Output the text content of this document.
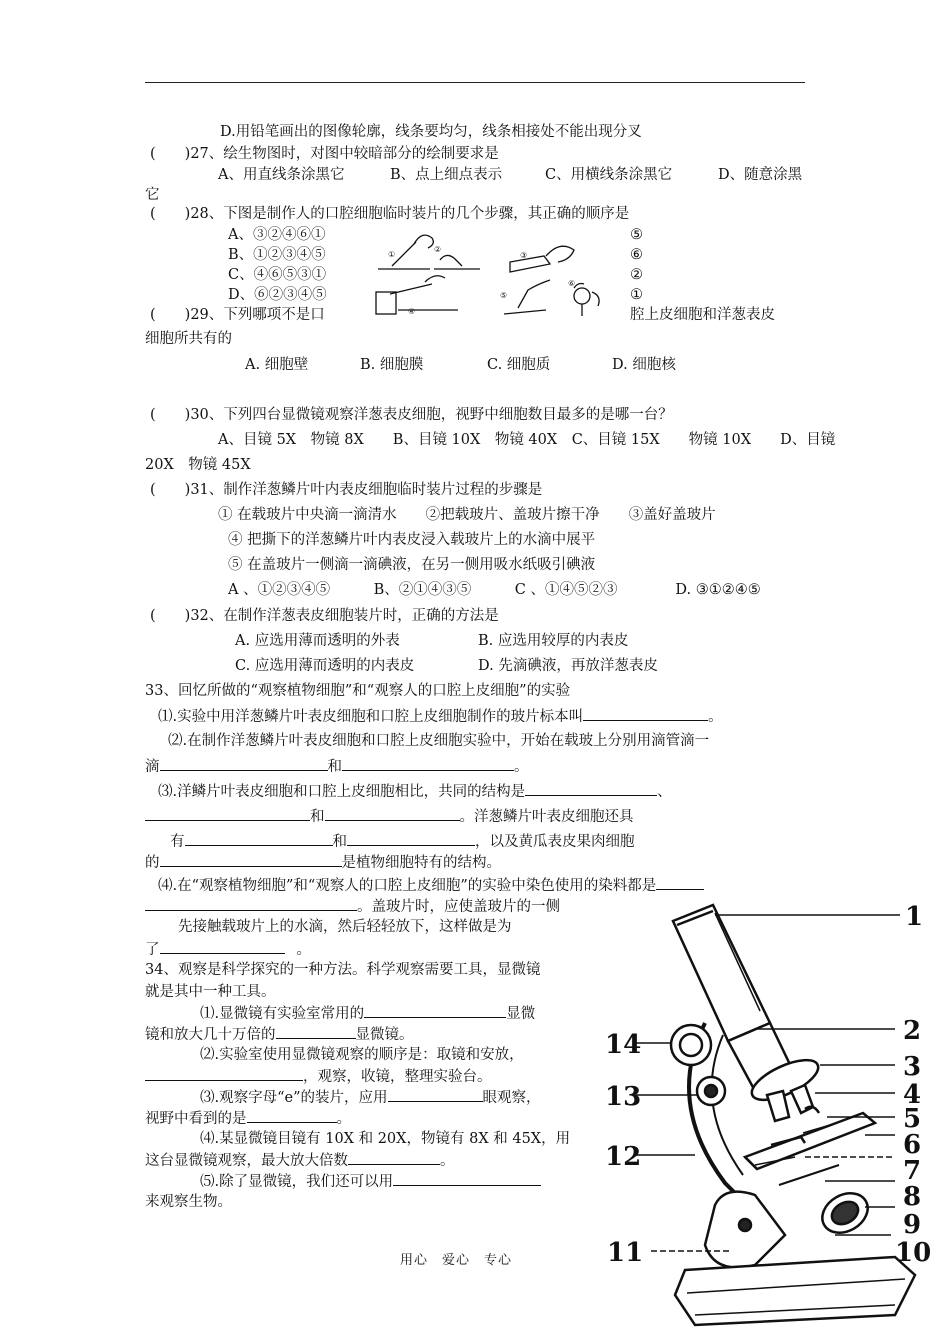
D.用铅笔画出的图像轮廓，线条要均匀，线条相接处不能出现分叉
(　　)27、绘生物图时，对图中较暗部分的绘制要求是
A、用直线条涂黑它	B、点上细点表示	C、用横线条涂黑它	D、随意涂黑
它
(　　)28、下图是制作人的口腔细胞临时装片的几个步骤，其正确的顺序是
A、③②④⑥①
B、①②③④⑤
C、④⑥⑤③①
D、⑥②③④⑤
⑤
⑥
②
①
①
②
③
④
⑤
⑥
(　　)29、下列哪项不是口	腔上皮细胞和洋葱表皮
细胞所共有的
A. 细胞壁	B. 细胞膜	C. 细胞质	D. 细胞核
(　　)30、下列四台显微镜观察洋葱表皮细胞，视野中细胞数目最多的是哪一台？
A、目镜 5X　物镜 8X　　B、目镜 10X　物镜 40X　C、目镜 15X　　物镜 10X　　D、目镜
20X　物镜 45X
(　　)31、制作洋葱鳞片叶内表皮细胞临时装片过程的步骤是
① 在载玻片中央滴一滴清水　　②把载玻片、盖玻片擦干净　　③盖好盖玻片
④ 把撕下的洋葱鳞片叶内表皮浸入载玻片上的水滴中展平
⑤ 在盖玻片一侧滴一滴碘液，在另一侧用吸水纸吸引碘液
A 、①②③④⑤　　　B、②①④③⑤　　　C 、①④⑤②③　　　　D. ③①②④⑤
(　　)32、在制作洋葱表皮细胞装片时，正确的方法是
A. 应选用薄而透明的外表	B. 应选用较厚的内表皮
C. 应选用薄而透明的内表皮	D. 先滴碘液，再放洋葱表皮
33、回忆所做的“观察植物细胞”和“观察人的口腔上皮细胞”的实验
⑴.实验中用洋葱鳞片叶表皮细胞和口腔上皮细胞制作的玻片标本叫	。
⑵.在制作洋葱鳞片叶表皮细胞和口腔上皮细胞实验中，开始在载玻上分别用滴管滴一
滴	和	。
⑶.洋鳞片叶表皮细胞和口腔上皮细胞相比，共同的结构是	、
和	。洋葱鳞片叶表皮细胞还具
有	和	，以及黄瓜表皮果肉细胞
的	是植物细胞特有的结构。
⑷.在“观察植物细胞”和“观察人的口腔上皮细胞”的实验中染色使用的染料都是
。盖玻片时，应使盖玻片的一侧
先接触载玻片上的水滴，然后轻轻放下，这样做是为
了	。
34、观察是科学探究的一种方法。科学观察需要工具，显微镜
就是其中一种工具。
⑴.显微镜有实验室常用的	显微
镜和放大几十万倍的	显微镜。
⑵.实验室使用显微镜观察的顺序是：取镜和安放，
，观察，收镜，整理实验台。
⑶.观察字母“e”的装片，应用	眼观察，
视野中看到的是	。
⑷.某显微镜目镜有 10X 和 20X，物镜有 8X 和 45X，用
这台显微镜观察，最大放大倍数	。
⑸.除了显微镜，我们还可以用
来观察生物。
1
2
3
4
5
6
7
8
9
10
11
12
13
14
用心　爱心　专心
